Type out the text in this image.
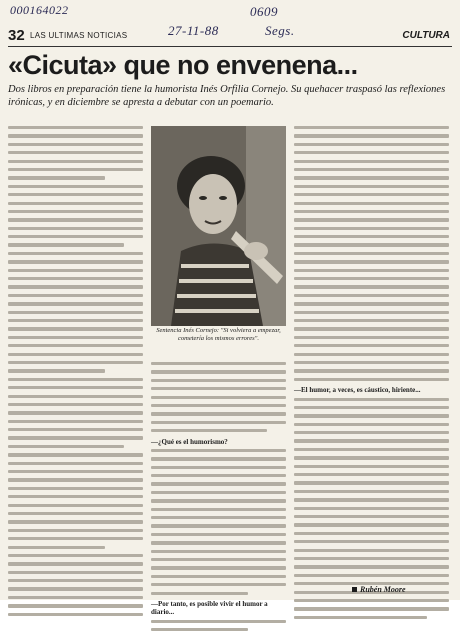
000164022	0609
27-11-88	Segs.
32 LAS ULTIMAS NOTICIAS	CULTURA
«Cicuta» que no envenena...
Dos libros en preparación tiene la humorista Inés Orfilia Cornejo. Su quehacer traspasó las reflexiones irónicas, y en diciembre se apresta a debutar con un poemario.
Sentencia Inés Cornejo: "Si volviera a empezar, cometería los mismos errores".
—¿Qué es el humorismo?
—Por tanto, es posible vivir el humor a diario...
—El humor, a veces, es cáustico, hiriente...
Rubén Moore
